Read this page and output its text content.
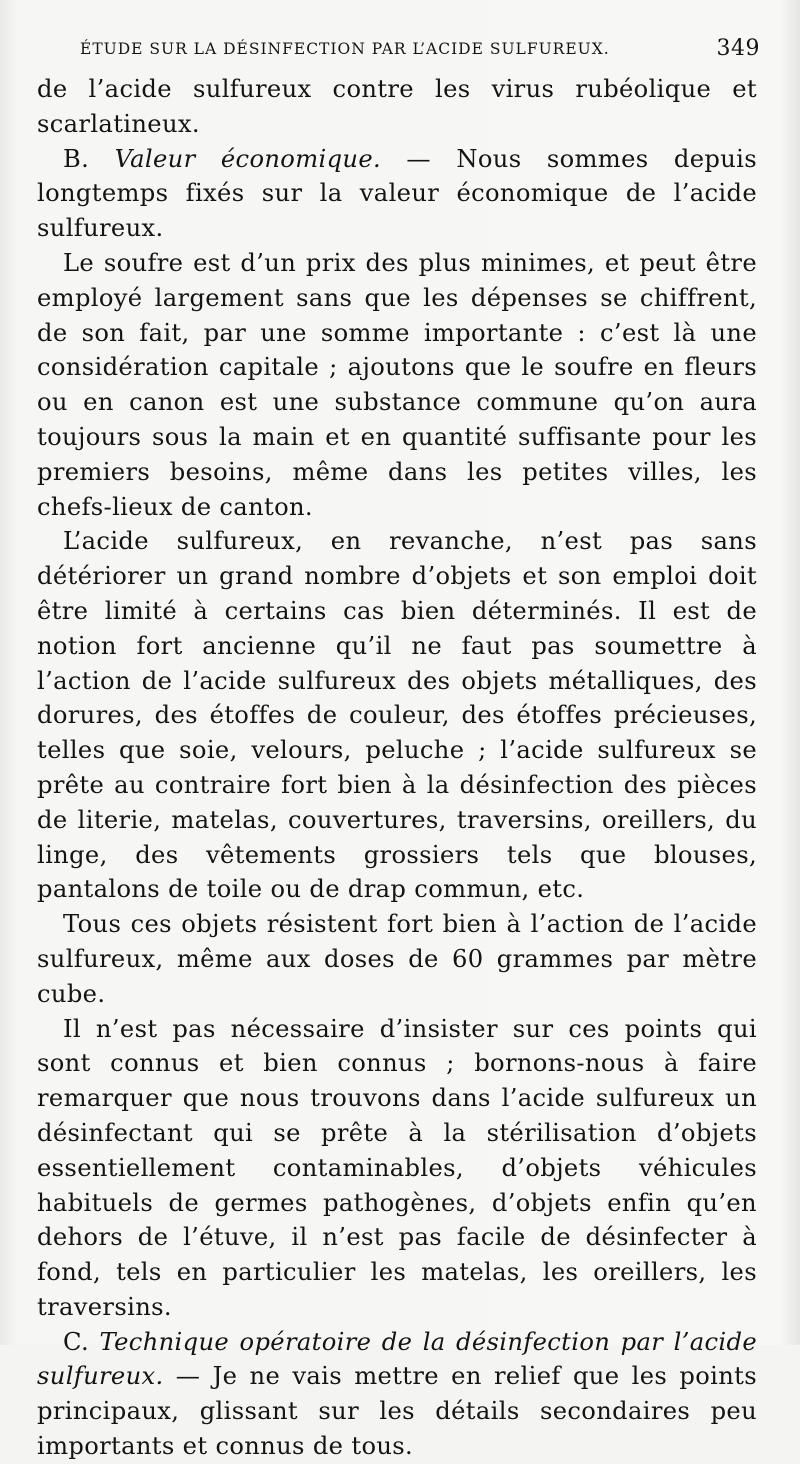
ÉTUDE SUR LA DÉSINFECTION PAR L’ACIDE SULFUREUX.	349

de l’acide sulfureux contre les virus rubéolique et scarlatineux.

B. Valeur économique. — Nous sommes depuis longtemps fixés sur la valeur économique de l’acide sulfureux.

Le soufre est d’un prix des plus minimes, et peut être employé largement sans que les dépenses se chiffrent, de son fait, par une somme importante : c’est là une considération capitale ; ajoutons que le soufre en fleurs ou en canon est une substance commune qu’on aura toujours sous la main et en quantité suffisante pour les premiers besoins, même dans les petites villes, les chefs-lieux de canton.

L’acide sulfureux, en revanche, n’est pas sans détériorer un grand nombre d’objets et son emploi doit être limité à certains cas bien déterminés. Il est de notion fort ancienne qu’il ne faut pas soumettre à l’action de l’acide sulfureux des objets métalliques, des dorures, des étoffes de couleur, des étoffes précieuses, telles que soie, velours, peluche ; l’acide sulfureux se prête au contraire fort bien à la désinfection des pièces de literie, matelas, couvertures, traversins, oreillers, du linge, des vêtements grossiers tels que blouses, pantalons de toile ou de drap commun, etc.

Tous ces objets résistent fort bien à l’action de l’acide sulfureux, même aux doses de 60 grammes par mètre cube.

Il n’est pas nécessaire d’insister sur ces points qui sont connus et bien connus ; bornons-nous à faire remarquer que nous trouvons dans l’acide sulfureux un désinfectant qui se prête à la stérilisation d’objets essentiellement contaminables, d’objets véhicules habituels de germes pathogènes, d’objets enfin qu’en dehors de l’étuve, il n’est pas facile de désinfecter à fond, tels en particulier les matelas, les oreillers, les traversins.

C. Technique opératoire de la désinfection par l’acide sulfureux. — Je ne vais mettre en relief que les points principaux, glissant sur les détails secondaires peu importants et connus de tous.
